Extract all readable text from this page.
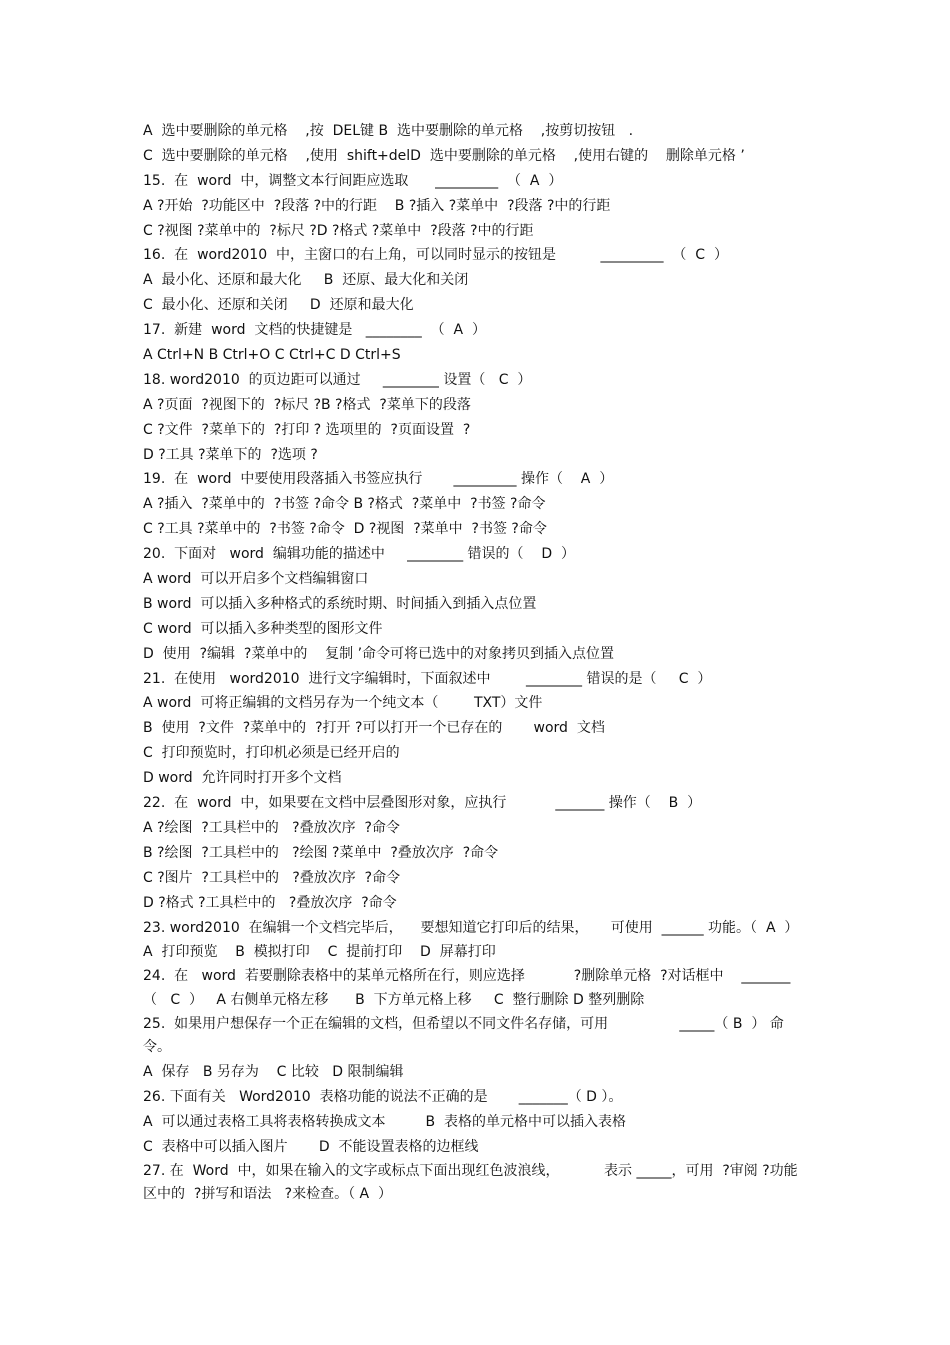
A  选中要删除的单元格    ,按  DEL键 B  选中要删除的单元格    ,按剪切按钮   .
C  选中要删除的单元格    ,使用  shift+delD  选中要删除的单元格    ,使用右键的    删除单元格 ’
15.  在  word  中，调整文本行间距应选取      _________  （  A  ）
A ?开始  ?功能区中  ?段落 ?中的行距    B ?插入 ?菜单中  ?段落 ?中的行距
C ?视图 ?菜单中的  ?标尺 ?D ?格式 ?菜单中  ?段落 ?中的行距
16.  在  word2010  中，主窗口的右上角，可以同时显示的按钮是          _________  （  C  ）
A  最小化、还原和最大化     B  还原、最大化和关闭
C  最小化、还原和关闭     D  还原和最大化
17.  新建  word  文档的快捷键是   ________  （  A  ）
A Ctrl+N B Ctrl+O C Ctrl+C D Ctrl+S
18. word2010  的页边距可以通过     ________ 设置（   C  ）
A ?页面  ?视图下的  ?标尺 ?B ?格式  ?菜单下的段落
C ?文件  ?菜单下的  ?打印 ? 选项里的  ?页面设置  ?
D ?工具 ?菜单下的  ?选项 ?
19.  在  word  中要使用段落插入书签应执行       _________ 操作（    A  ）
A ?插入  ?菜单中的  ?书签 ?命令 B ?格式  ?菜单中  ?书签 ?命令
C ?工具 ?菜单中的  ?书签 ?命令  D ?视图  ?菜单中  ?书签 ?命令
20.  下面对   word  编辑功能的描述中     ________ 错误的（    D  ）
A word  可以开启多个文档编辑窗口
B word  可以插入多种格式的系统时期、时间插入到插入点位置
C word  可以插入多种类型的图形文件
D  使用  ?编辑  ?菜单中的    复制 ’命令可将已选中的对象拷贝到插入点位置
21.  在使用   word2010  进行文字编辑时，下面叙述中        ________ 错误的是（     C  ）
A word  可将正编辑的文档另存为一个纯文本（        TXT）文件
B  使用  ?文件  ?菜单中的  ?打开 ?可以打开一个已存在的       word  文档
C  打印预览时，打印机必须是已经开启的
D word  允许同时打开多个文档
22.  在  word  中，如果要在文档中层叠图形对象，应执行           _______ 操作（    B  ）
A ?绘图  ?工具栏中的   ?叠放次序  ?命令
B ?绘图  ?工具栏中的   ?绘图 ?菜单中  ?叠放次序  ?命令
C ?图片  ?工具栏中的   ?叠放次序  ?命令
D ?格式 ?工具栏中的   ?叠放次序  ?命令
23. word2010  在编辑一个文档完毕后，    要想知道它打印后的结果，     可使用  ______ 功能。（  A  ）
A  打印预览    B  模拟打印    C  提前打印    D  屏幕打印
24.  在   word  若要删除表格中的某单元格所在行，则应选择           ?删除单元格  ?对话框中    _______
（   C  ）   A 右侧单元格左移      B  下方单元格上移     C  整行删除 D 整列删除
25.  如果用户想保存一个正在编辑的文档，但希望以不同文件名存储，可用                _____（ B  ） 命
令。
A  保存   B 另存为    C 比较   D 限制编辑
26. 下面有关   Word2010  表格功能的说法不正确的是       _______（ D ）。
A  可以通过表格工具将表格转换成文本         B  表格的单元格中可以插入表格
C  表格中可以插入图片       D  不能设置表格的边框线
27. 在  Word  中，如果在输入的文字或标点下面出现红色波浪线，          表示 _____，可用  ?审阅 ?功能
区中的  ?拼写和语法   ?来检查。（ A  ）
